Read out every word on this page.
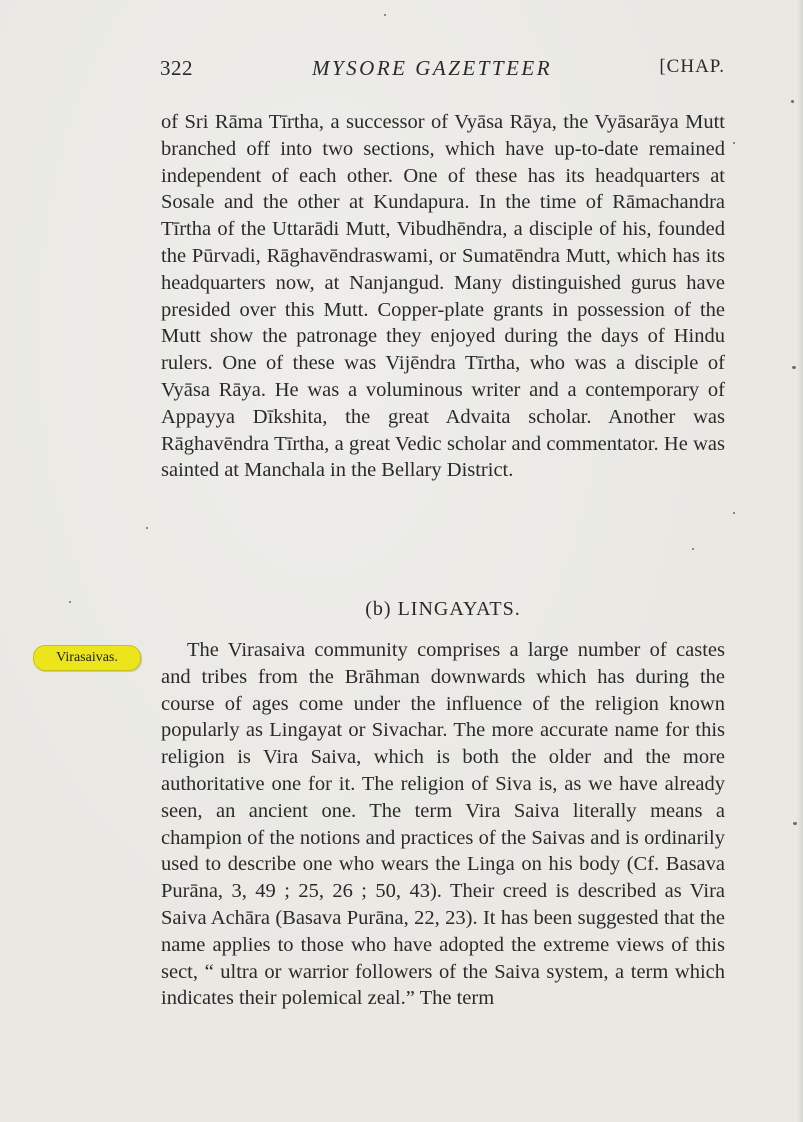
322	MYSORE GAZETTEER	[CHAP.

of Sri Rāma Tīrtha, a successor of Vyāsa Rāya, the Vyāsarāya Mutt branched off into two sections, which have up-to-date remained independent of each other. One of these has its headquarters at Sosale and the other at Kundapura. In the time of Rāmachandra Tīrtha of the Uttarādi Mutt, Vibudhēndra, a disciple of his, founded the Pūrvadi, Rāghavēndraswami, or Sumatēndra Mutt, which has its headquarters now, at Nanjangud. Many distinguished gurus have presided over this Mutt. Copper-plate grants in possession of the Mutt show the patronage they enjoyed during the days of Hindu rulers. One of these was Vijēndra Tīrtha, who was a disciple of Vyāsa Rāya. He was a voluminous writer and a contemporary of Appayya Dīkshita, the great Advaita scholar. Another was Rāghavēndra Tīrtha, a great Vedic scholar and commentator. He was sainted at Manchala in the Bellary District.

(b) LINGAYATS.

Virasaivas.	The Virasaiva community comprises a large number of castes and tribes from the Brāhman downwards which has during the course of ages come under the influence of the religion known popularly as Lingayat or Sivachar. The more accurate name for this religion is Vira Saiva, which is both the older and the more authoritative one for it. The religion of Siva is, as we have already seen, an ancient one. The term Vira Saiva literally means a champion of the notions and practices of the Saivas and is ordinarily used to describe one who wears the Linga on his body (Cf. Basava Purāna, 3, 49 ; 25, 26 ; 50, 43). Their creed is described as Vira Saiva Achāra (Basava Purāna, 22, 23). It has been suggested that the name applies to those who have adopted the extreme views of this sect, “ ultra or warrior followers of the Saiva system, a term which indicates their polemical zeal.” The term
